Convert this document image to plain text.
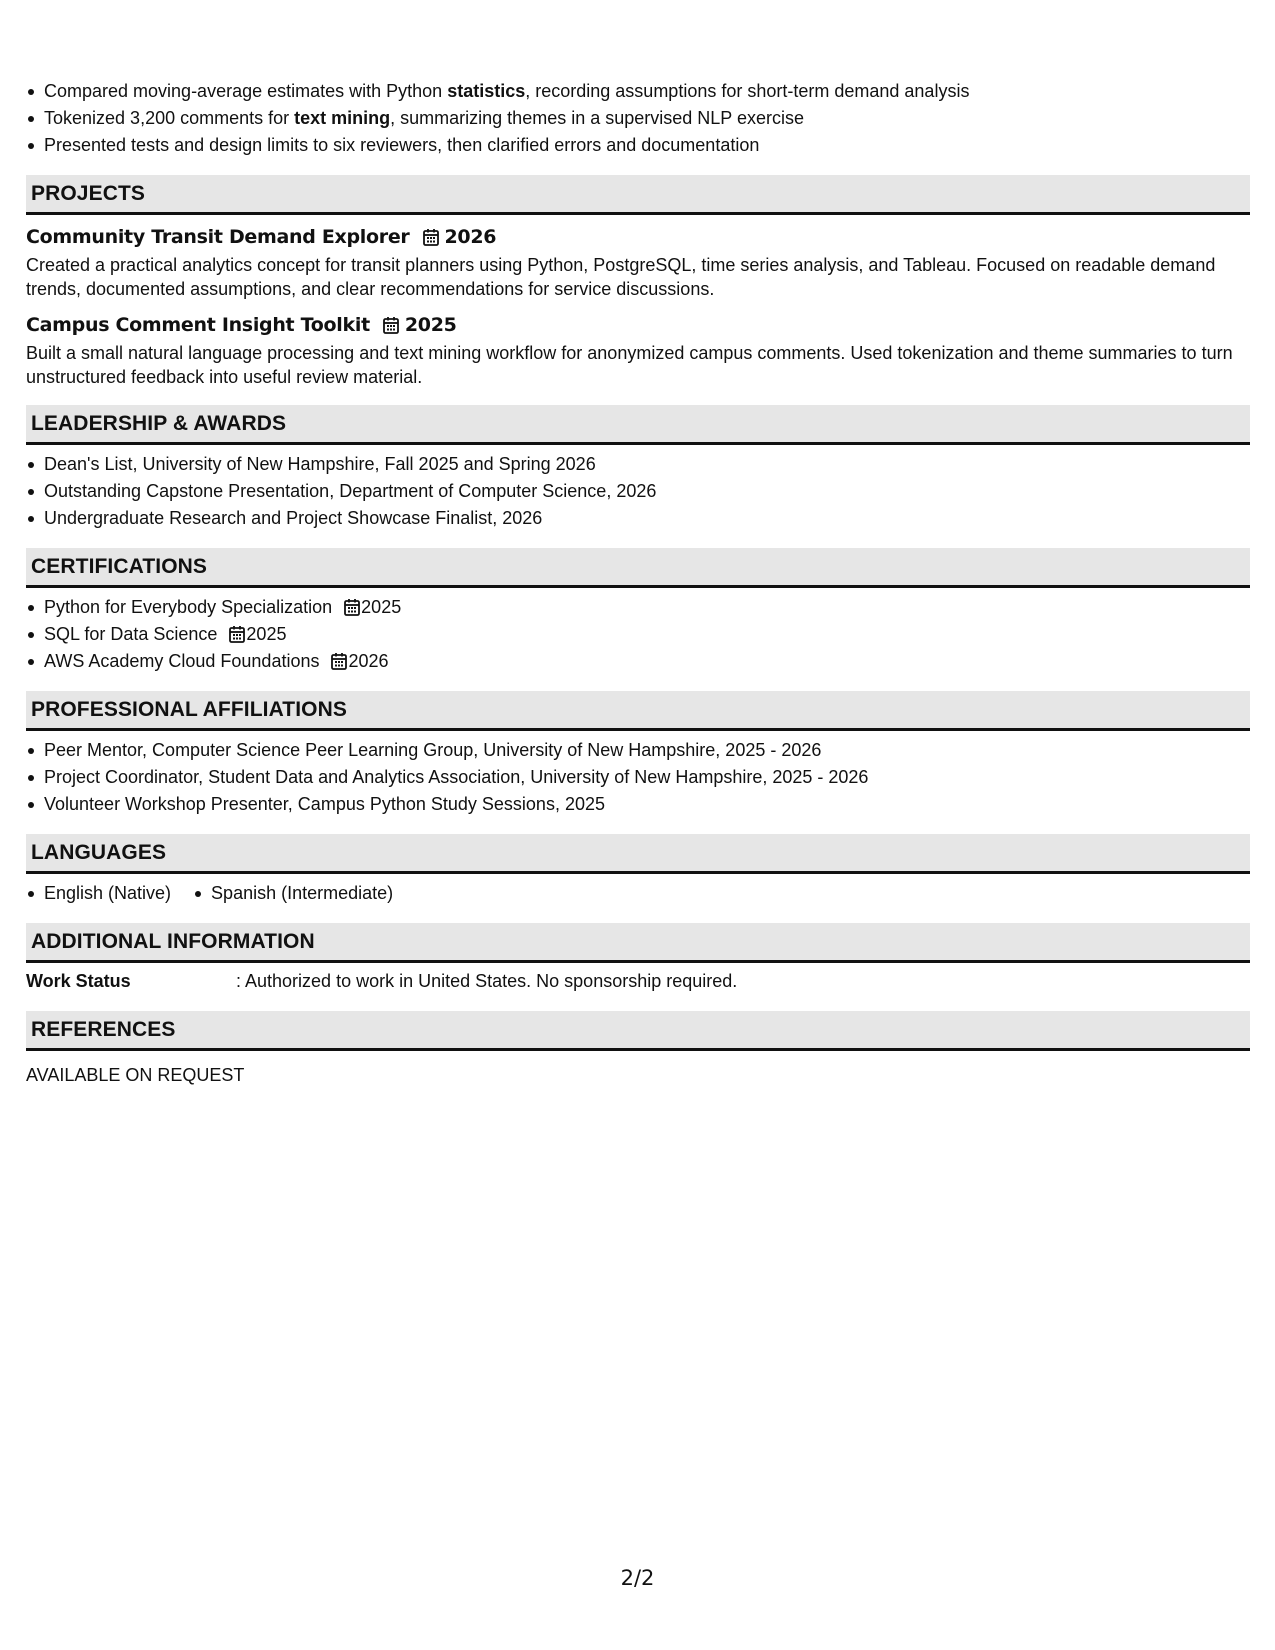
Compared moving-average estimates with Python statistics, recording assumptions for short-term demand analysis
Tokenized 3,200 comments for text mining, summarizing themes in a supervised NLP exercise
Presented tests and design limits to six reviewers, then clarified errors and documentation
PROJECTS
Community Transit Demand Explorer 2026

Created a practical analytics concept for transit planners using Python, PostgreSQL, time series analysis, and Tableau. Focused on readable demand trends, documented assumptions, and clear recommendations for service discussions.

Campus Comment Insight Toolkit 2025

Built a small natural language processing and text mining workflow for anonymized campus comments. Used tokenization and theme summaries to turn unstructured feedback into useful review material.

LEADERSHIP & AWARDS
Dean's List, University of New Hampshire, Fall 2025 and Spring 2026
Outstanding Capstone Presentation, Department of Computer Science, 2026
Undergraduate Research and Project Showcase Finalist, 2026
CERTIFICATIONS
Python for Everybody Specialization 2025
SQL for Data Science 2025
AWS Academy Cloud Foundations 2026
PROFESSIONAL AFFILIATIONS
Peer Mentor, Computer Science Peer Learning Group, University of New Hampshire, 2025 - 2026
Project Coordinator, Student Data and Analytics Association, University of New Hampshire, 2025 - 2026
Volunteer Workshop Presenter, Campus Python Study Sessions, 2025
LANGUAGES
English (Native)	Spanish (Intermediate)
ADDITIONAL INFORMATION
Work Status	: Authorized to work in United States. No sponsorship required.
REFERENCES

AVAILABLE ON REQUEST

2/2
